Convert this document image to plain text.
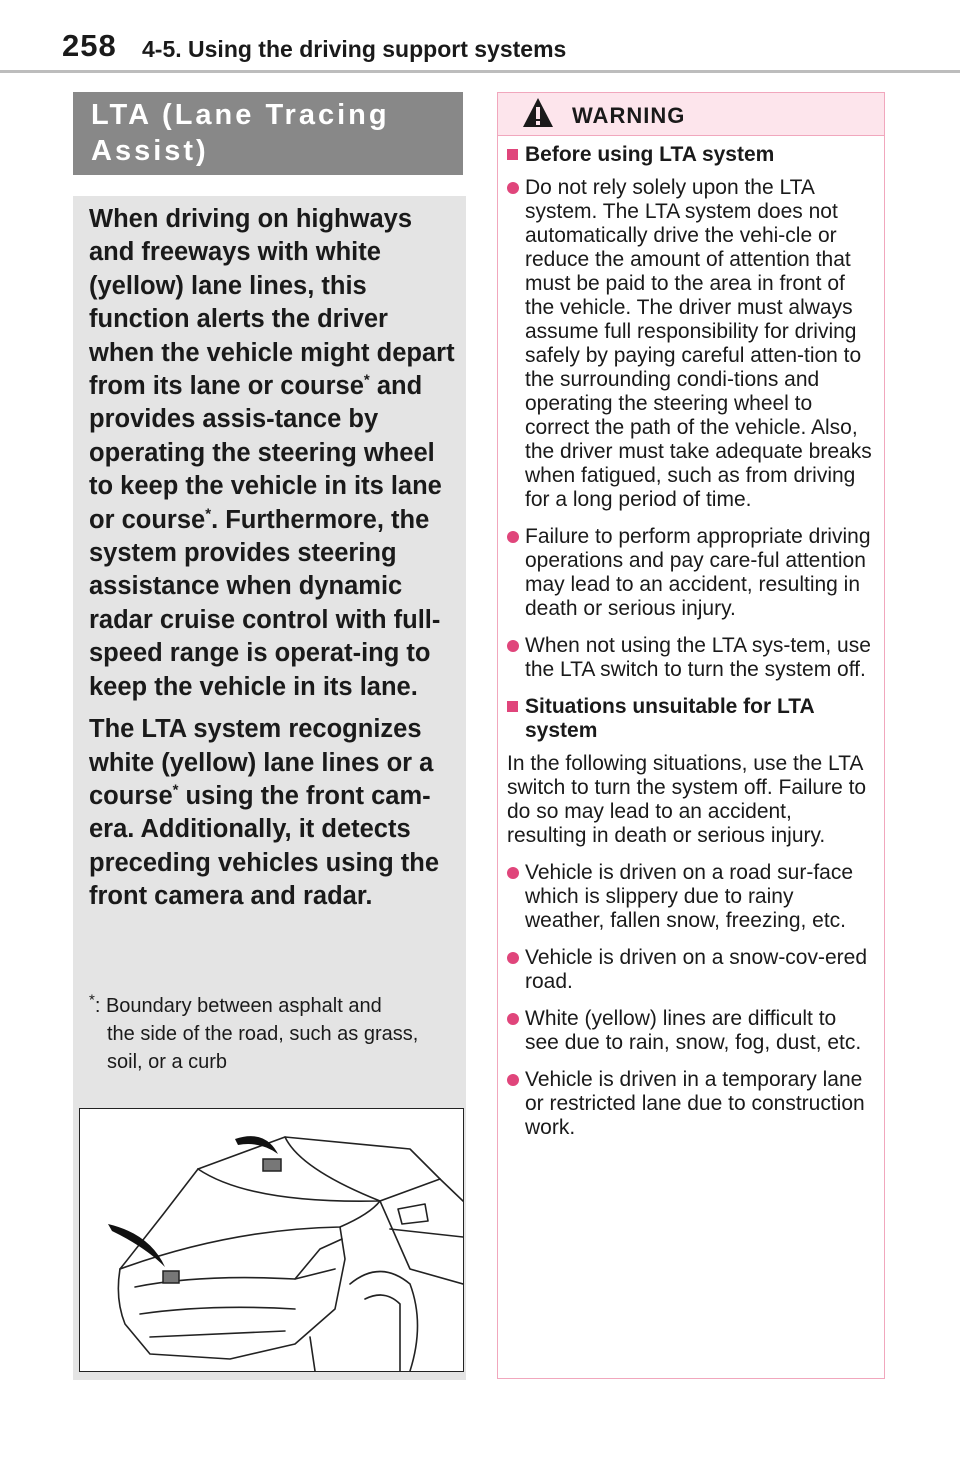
258 4-5. Using the driving support systems
LTA (Lane Tracing
Assist)

When driving on highways and freeways with white (yellow) lane lines, this function alerts the driver when the vehicle might depart from its lane or course* and provides assis-tance by operating the steering wheel to keep the vehicle in its lane or course*. Furthermore, the system provides steering assistance when dynamic radar cruise control with full-speed range is operat-ing to keep the vehicle in its lane.

The LTA system recognizes white (yellow) lane lines or a course* using the front cam-era. Additionally, it detects preceding vehicles using the front camera and radar.

*: Boundary between asphalt and
the side of the road, such as grass, soil, or a curb
WARNING
Before using LTA system
Do not rely solely upon the LTA system. The LTA system does not automatically drive the vehi-cle or reduce the amount of attention that must be paid to the area in front of the vehicle. The driver must always assume full responsibility for driving safely by paying careful atten-tion to the surrounding condi-tions and operating the steering wheel to correct the path of the vehicle. Also, the driver must take adequate breaks when fatigued, such as from driving for a long period of time.
Failure to perform appropriate driving operations and pay care-ful attention may lead to an accident, resulting in death or serious injury.
When not using the LTA sys-tem, use the LTA switch to turn the system off.
Situations unsuitable for LTA system
In the following situations, use the LTA switch to turn the system off. Failure to do so may lead to an accident, resulting in death or serious injury.
Vehicle is driven on a road sur-face which is slippery due to rainy weather, fallen snow, freezing, etc.
Vehicle is driven on a snow-cov-ered road.
White (yellow) lines are difficult to see due to rain, snow, fog, dust, etc.
Vehicle is driven in a temporary lane or restricted lane due to construction work.
